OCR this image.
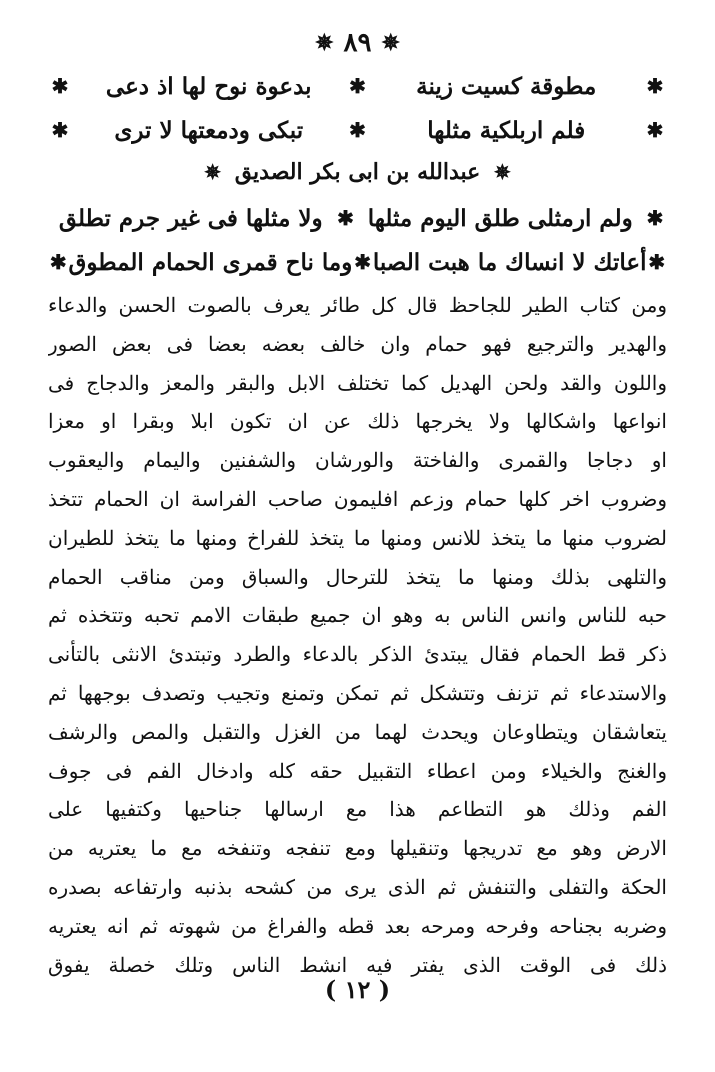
✵ ٨٩ ✵
✱
مطوقة كسيت زينة
✱
بدعوة نوح لها اذ دعى
✱
✱
فلم اربلكية مثلها
✱
تبكى ودمعتها لا ترى
✱
✵ عبدالله بن ابى بكر الصديق ✵
✱
ولم ارمثلى طلق اليوم مثلها
✱
ولا مثلها فى غير جرم تطلق
✱
أعاتك لا انساك ما هبت الصبا
✱
وما ناح قمرى الحمام المطوق
✱
ومن كتاب الطير للجاحظ قال كل طائر يعرف بالصوت الحسن والدعاء
والهدير والترجيع فهو حمام وان خالف بعضه بعضا فى بعض الصور
واللون والقد ولحن الهديل كما تختلف الابل والبقر والمعز والدجاج فى
انواعها واشكالها ولا يخرجها ذلك عن ان تكون ابلا وبقرا او معزا
او دجاجا والقمرى والفاختة والورشان والشفنين واليمام واليعقوب
وضروب اخر كلها حمام وزعم افليمون صاحب الفراسة ان الحمام تتخذ
لضروب منها ما يتخذ للانس ومنها ما يتخذ للفراخ ومنها ما يتخذ للطيران
والتلهى بذلك ومنها ما يتخذ للترحال والسباق ومن مناقب الحمام
حبه للناس وانس الناس به وهو ان جميع طبقات الامم تحبه وتتخذه ثم
ذكر قط الحمام فقال يبتدئ الذكر بالدعاء والطرد وتبتدئ الانثى بالتأنى
والاستدعاء ثم تزنف وتتشكل ثم تمكن وتمنع وتجيب وتصدف بوجهها ثم
يتعاشقان ويتطاوعان ويحدث لهما من الغزل والتقبل والمص والرشف
والغنج والخيلاء ومن اعطاء التقبيل حقه كله وادخال الفم فى جوف
الفم وذلك هو التطاعم هذا مع ارسالها جناحيها وكتفيها على
الارض وهو مع تدريجها وتنقيلها ومع تنفجه وتنفخه مع ما يعتريه من
الحكة والتفلى والتنفش ثم الذى يرى من كشحه بذنبه وارتفاعه بصدره
وضربه بجناحه وفرحه ومرحه بعد قطه والفراغ من شهوته ثم انه يعتريه
ذلك فى الوقت الذى يفتر فيه انشط الناس وتلك خصلة يفوق
( ١٢ )
